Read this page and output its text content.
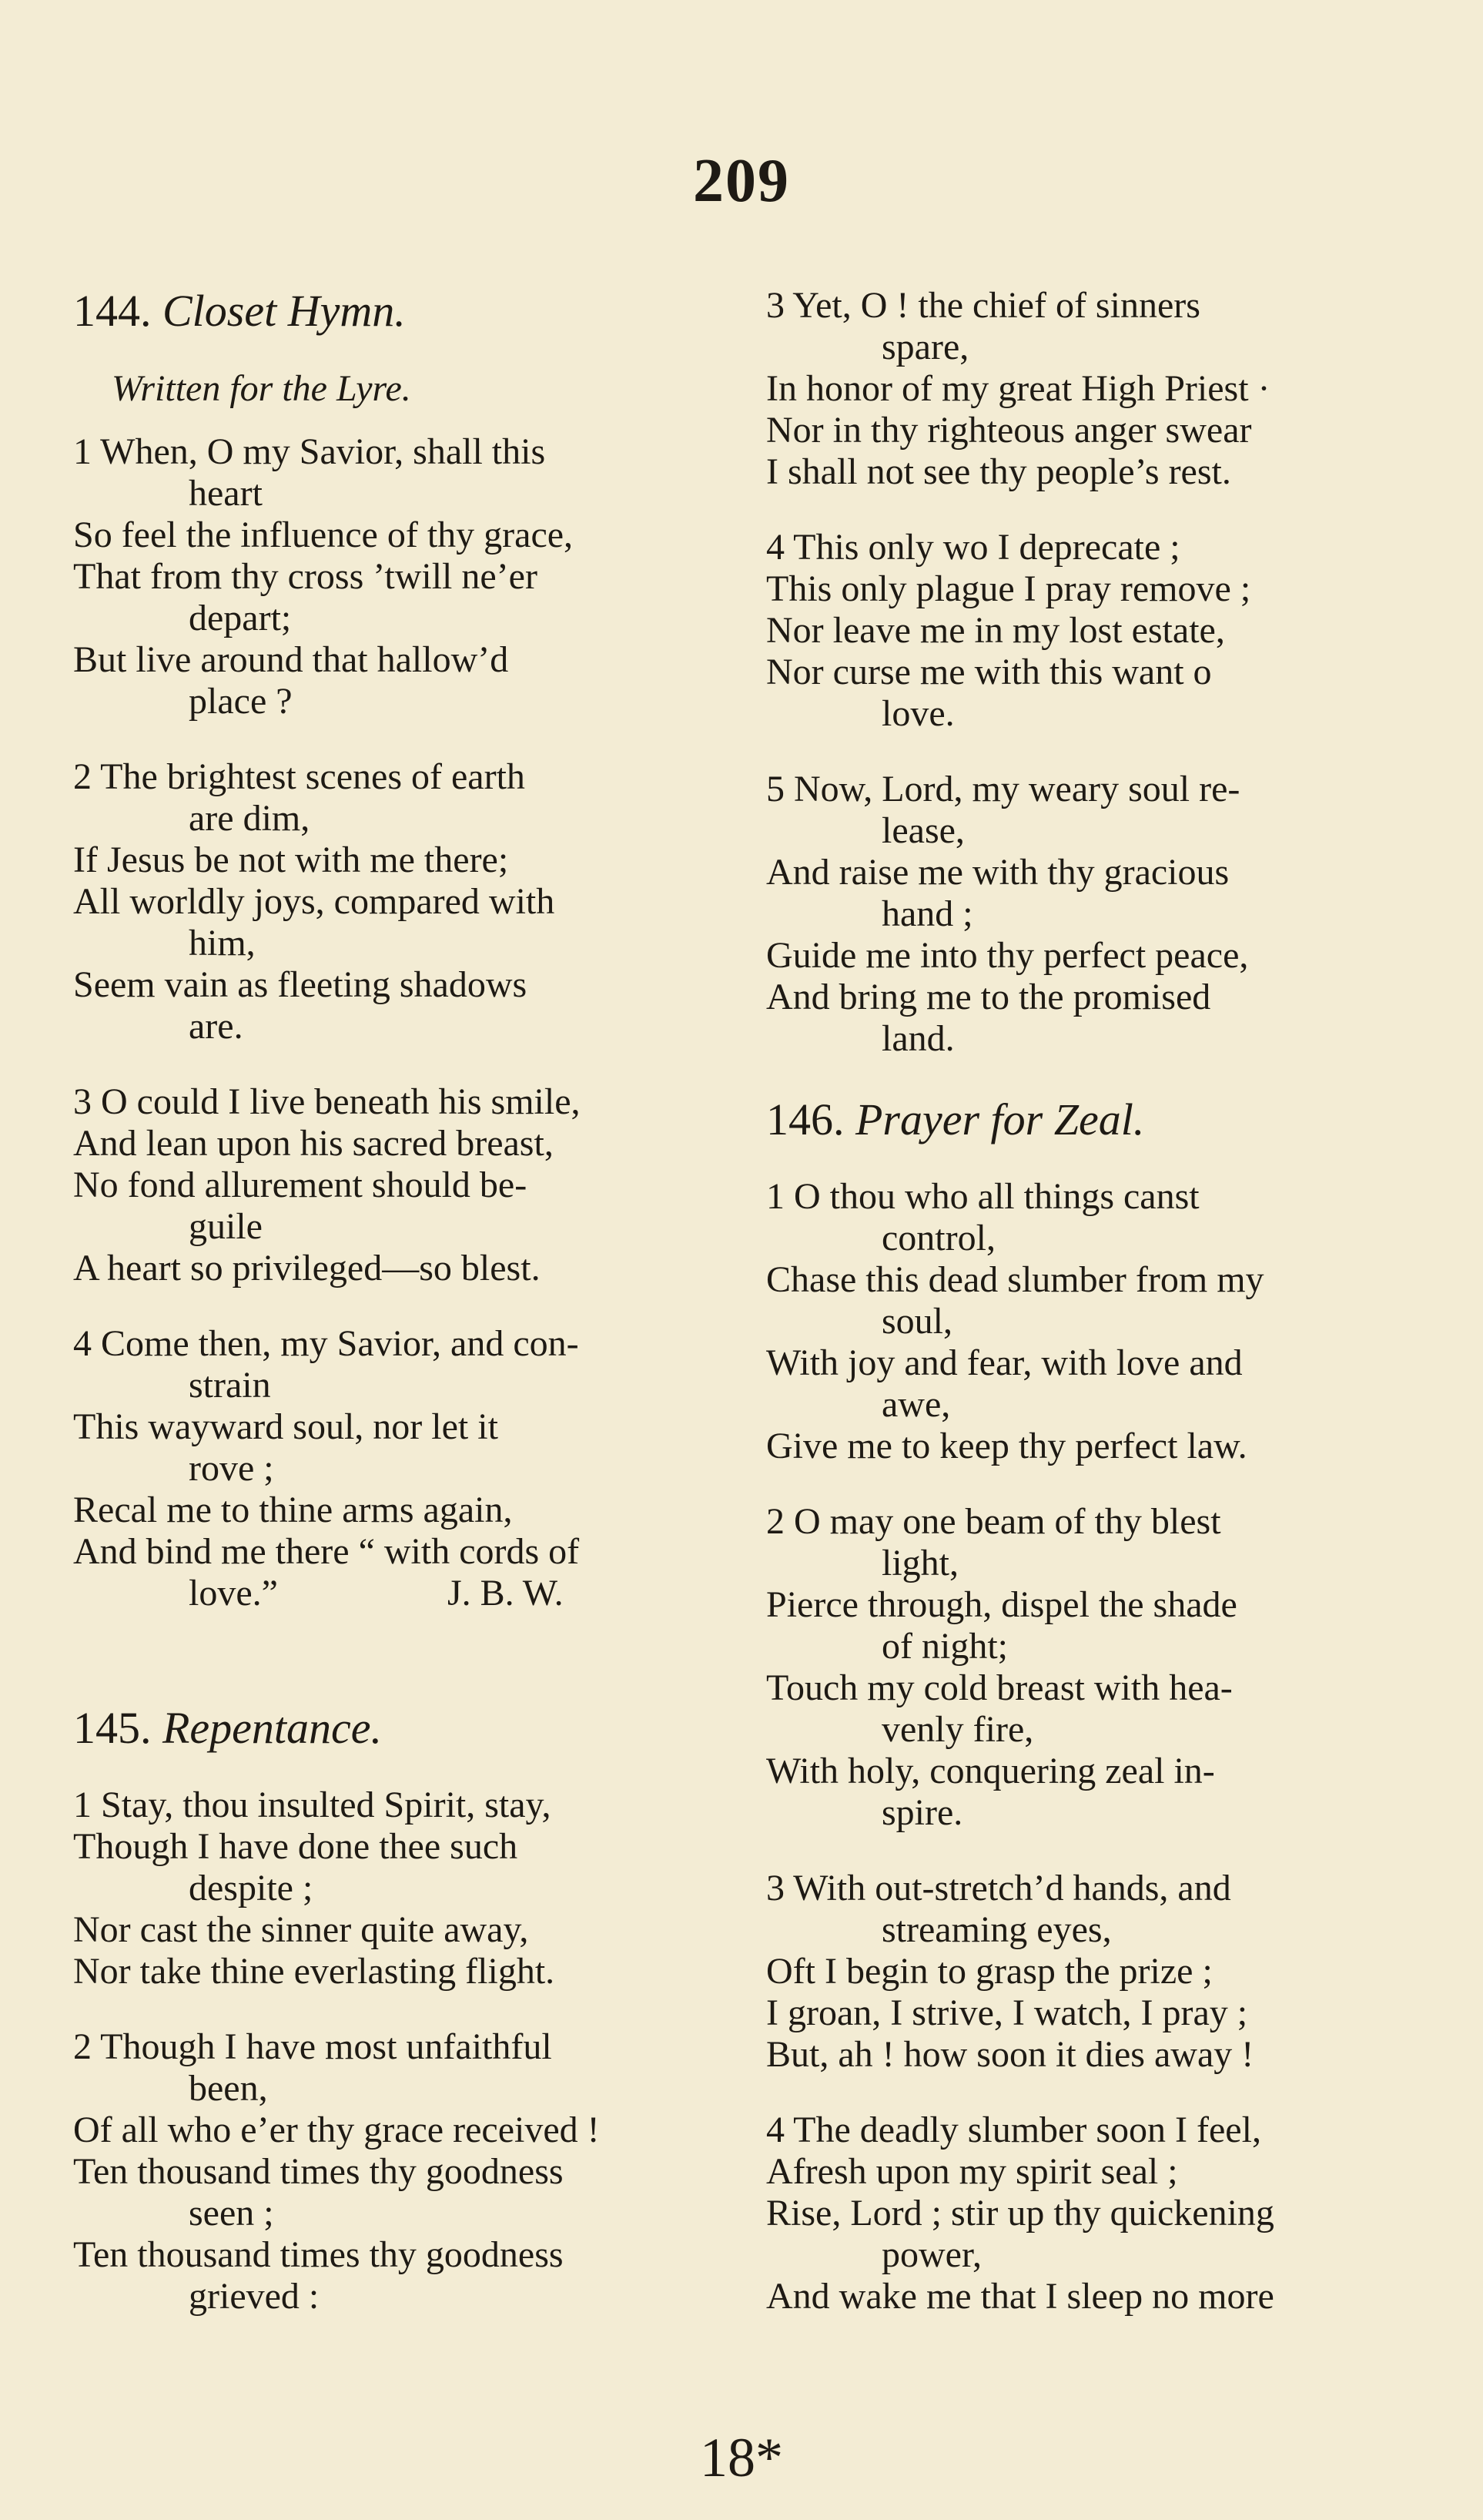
209
144. Closet Hymn.
Written for the Lyre.
1 When, O my Savior, shall this
heart
So feel the influence of thy grace,
That from thy cross ’twill ne’er
depart;
But live around that hallow’d
place ?
2 The brightest scenes of earth
are dim,
If Jesus be not with me there;
All worldly joys, compared with
him,
Seem vain as fleeting shadows
are.
3 O could I live beneath his smile,
And lean upon his sacred breast,
No fond allurement should be-
guile
A heart so privileged—so blest.
4 Come then, my Savior, and con-
strain
This wayward soul, nor let it
rove ;
Recal me to thine arms again,
And bind me there “ with cords of
love.”	J. B. W.
145. Repentance.
1 Stay, thou insulted Spirit, stay,
Though I have done thee such
despite ;
Nor cast the sinner quite away,
Nor take thine everlasting flight.
2 Though I have most unfaithful
been,
Of all who e’er thy grace received !
Ten thousand times thy goodness
seen ;
Ten thousand times thy goodness
grieved :
3 Yet, O ! the chief of sinners
spare,
In honor of my great High Priest ·
Nor in thy righteous anger swear
I shall not see thy people’s rest.
4 This only wo I deprecate ;
This only plague I pray remove ;
Nor leave me in my lost estate,
Nor curse me with this want o
love.
5 Now, Lord, my weary soul re-
lease,
And raise me with thy gracious
hand ;
Guide me into thy perfect peace,
And bring me to the promised
land.
146. Prayer for Zeal.
1 O thou who all things canst
control,
Chase this dead slumber from my
soul,
With joy and fear, with love and
awe,
Give me to keep thy perfect law.
2 O may one beam of thy blest
light,
Pierce through, dispel the shade
of night;
Touch my cold breast with hea-
venly fire,
With holy, conquering zeal in-
spire.
3 With out-stretch’d hands, and
streaming eyes,
Oft I begin to grasp the prize ;
I groan, I strive, I watch, I pray ;
But, ah ! how soon it dies away !
4 The deadly slumber soon I feel,
Afresh upon my spirit seal ;
Rise, Lord ; stir up thy quickening
power,
And wake me that I sleep no more
18*
